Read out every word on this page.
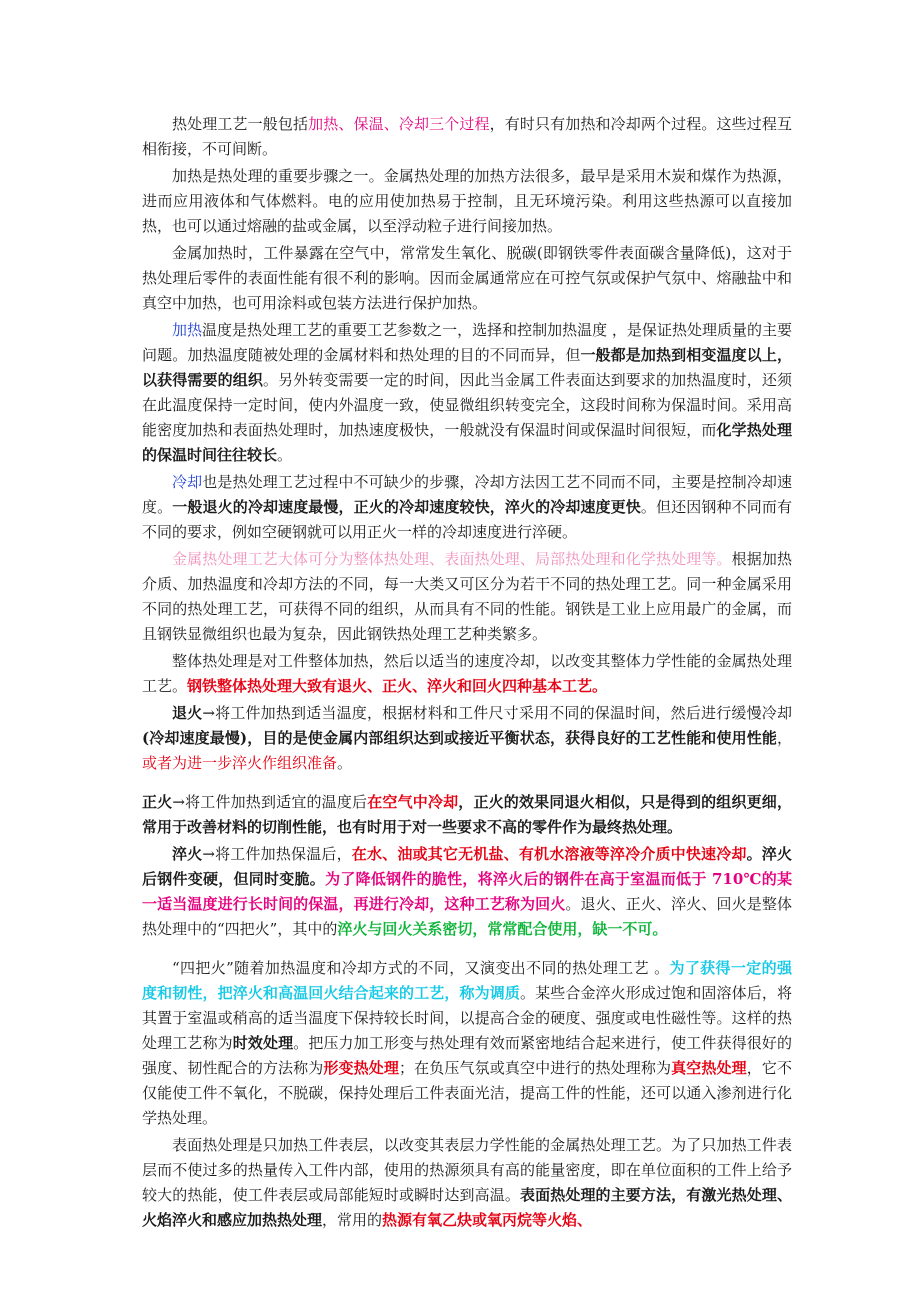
热处理工艺一般包括加热、保温、冷却三个过程，有时只有加热和冷却两个过程。这些过程互相衔接，不可间断。

加热是热处理的重要步骤之一。金属热处理的加热方法很多，最早是采用木炭和煤作为热源，进而应用液体和气体燃料。电的应用使加热易于控制，且无环境污染。利用这些热源可以直接加热，也可以通过熔融的盐或金属，以至浮动粒子进行间接加热。

金属加热时，工件暴露在空气中，常常发生氧化、脱碳(即钢铁零件表面碳含量降低)，这对于热处理后零件的表面性能有很不利的影响。因而金属通常应在可控气氛或保护气氛中、熔融盐中和真空中加热，也可用涂料或包装方法进行保护加热。

加热温度是热处理工艺的重要工艺参数之一，选择和控制加热温度 ，是保证热处理质量的主要问题。加热温度随被处理的金属材料和热处理的目的不同而异，但一般都是加热到相变温度以上，以获得需要的组织。另外转变需要一定的时间，因此当金属工件表面达到要求的加热温度时，还须在此温度保持一定时间，使内外温度一致，使显微组织转变完全，这段时间称为保温时间。采用高能密度加热和表面热处理时，加热速度极快，一般就没有保温时间或保温时间很短，而化学热处理的保温时间往往较长。

冷却也是热处理工艺过程中不可缺少的步骤，冷却方法因工艺不同而不同，主要是控制冷却速度。一般退火的冷却速度最慢，正火的冷却速度较快，淬火的冷却速度更快。但还因钢种不同而有不同的要求，例如空硬钢就可以用正火一样的冷却速度进行淬硬。

金属热处理工艺大体可分为整体热处理、表面热处理、局部热处理和化学热处理等。根据加热介质、加热温度和冷却方法的不同，每一大类又可区分为若干不同的热处理工艺。同一种金属采用不同的热处理工艺，可获得不同的组织，从而具有不同的性能。钢铁是工业上应用最广的金属，而且钢铁显微组织也最为复杂，因此钢铁热处理工艺种类繁多。

整体热处理是对工件整体加热，然后以适当的速度冷却，以改变其整体力学性能的金属热处理工艺。钢铁整体热处理大致有退火、正火、淬火和回火四种基本工艺。

退火→将工件加热到适当温度，根据材料和工件尺寸采用不同的保温时间，然后进行缓慢冷却(冷却速度最慢)，目的是使金属内部组织达到或接近平衡状态，获得良好的工艺性能和使用性能，或者为进一步淬火作组织准备。

正火→将工件加热到适宜的温度后在空气中冷却，正火的效果同退火相似，只是得到的组织更细，常用于改善材料的切削性能，也有时用于对一些要求不高的零件作为最终热处理。

淬火→将工件加热保温后，在水、油或其它无机盐、有机水溶液等淬冷介质中快速冷却。淬火后钢件变硬，但同时变脆。为了降低钢件的脆性，将淬火后的钢件在高于室温而低于 710℃的某一适当温度进行长时间的保温，再进行冷却，这种工艺称为回火。退火、正火、淬火、回火是整体热处理中的“四把火”，其中的淬火与回火关系密切，常常配合使用，缺一不可。

“四把火”随着加热温度和冷却方式的不同，又演变出不同的热处理工艺 。为了获得一定的强度和韧性，把淬火和高温回火结合起来的工艺，称为调质。某些合金淬火形成过饱和固溶体后，将其置于室温或稍高的适当温度下保持较长时间，以提高合金的硬度、强度或电性磁性等。这样的热处理工艺称为时效处理。把压力加工形变与热处理有效而紧密地结合起来进行，使工件获得很好的强度、韧性配合的方法称为形变热处理；在负压气氛或真空中进行的热处理称为真空热处理，它不仅能使工件不氧化，不脱碳，保持处理后工件表面光洁，提高工件的性能，还可以通入渗剂进行化学热处理。

表面热处理是只加热工件表层，以改变其表层力学性能的金属热处理工艺。为了只加热工件表层而不使过多的热量传入工件内部，使用的热源须具有高的能量密度，即在单位面积的工件上给予较大的热能，使工件表层或局部能短时或瞬时达到高温。表面热处理的主要方法，有激光热处理、火焰淬火和感应加热热处理，常用的热源有氧乙炔或氧丙烷等火焰、
